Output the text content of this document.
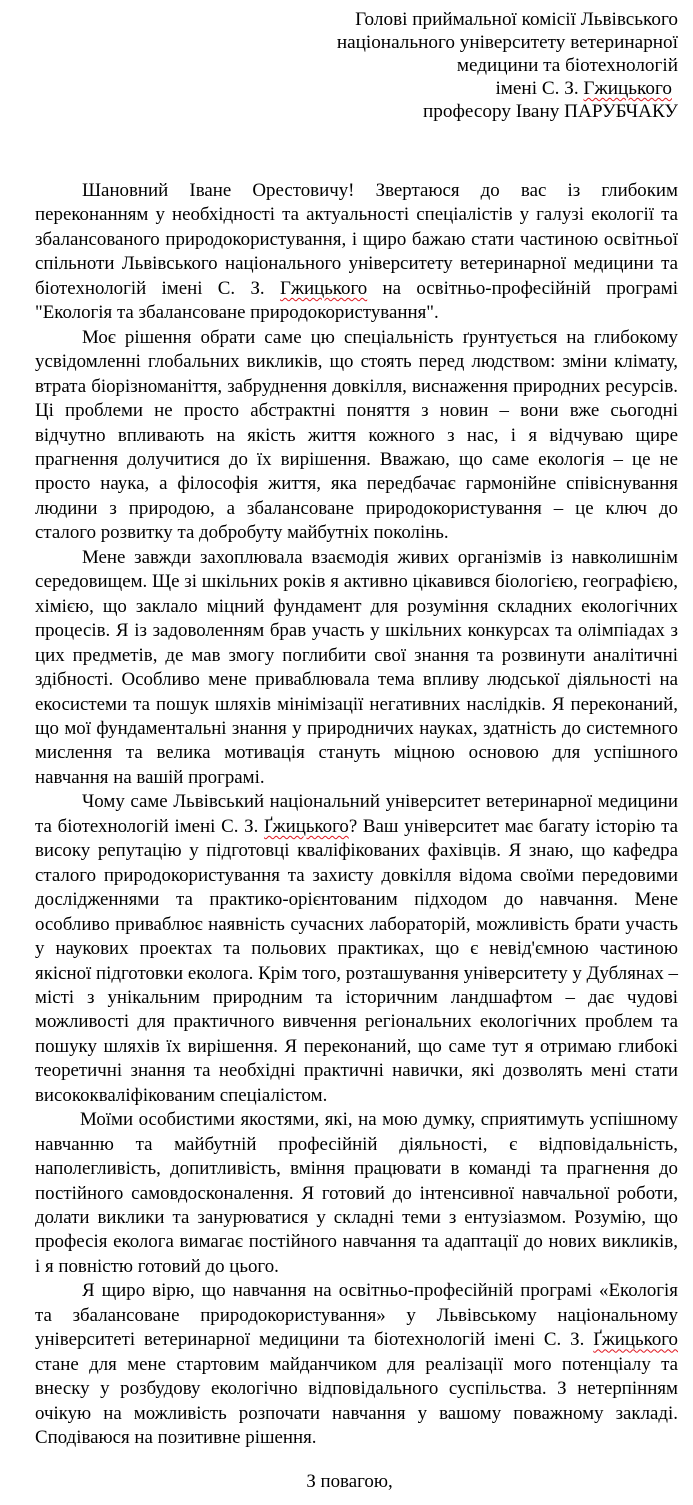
Голові приймальної комісії Львівського
національного університету ветеринарної
медицини та біотехнологій
імені С. З. Гжицького
професору Івану ПАРУБЧАКУ

Шановний Іване Орестовичу! Звертаюся до вас із глибоким переконанням у необхідності та актуальності спеціалістів у галузі екології та збалансованого природокористування, і щиро бажаю стати частиною освітньої спільноти Львівського національного університету ветеринарної медицини та біотехнологій імені С. З. Гжицького на освітньо-професійній програмі "Екологія та збалансоване природокористування".

Моє рішення обрати саме цю спеціальність ґрунтується на глибокому усвідомленні глобальних викликів, що стоять перед людством: зміни клімату, втрата біорізноманіття, забруднення довкілля, виснаження природних ресурсів. Ці проблеми не просто абстрактні поняття з новин – вони вже сьогодні відчутно впливають на якість життя кожного з нас, і я відчуваю щире прагнення долучитися до їх вирішення. Вважаю, що саме екологія – це не просто наука, а філософія життя, яка передбачає гармонійне співіснування людини з природою, а збалансоване природокористування – це ключ до сталого розвитку та добробуту майбутніх поколінь.

Мене завжди захоплювала взаємодія живих організмів із навколишнім середовищем. Ще зі шкільних років я активно цікавився біологією, географією, хімією, що заклало міцний фундамент для розуміння складних екологічних процесів. Я із задоволенням брав участь у шкільних конкурсах та олімпіадах з цих предметів, де мав змогу поглибити свої знання та розвинути аналітичні здібності. Особливо мене приваблювала тема впливу людської діяльності на екосистеми та пошук шляхів мінімізації негативних наслідків. Я переконаний, що мої фундаментальні знання у природничих науках, здатність до системного мислення та велика мотивація стануть міцною основою для успішного навчання на вашій програмі.

Чому саме Львівський національний університет ветеринарної медицини та біотехнологій імені С. З. Ґжицького? Ваш університет має багату історію та високу репутацію у підготовці кваліфікованих фахівців. Я знаю, що кафедра сталого природокористування та захисту довкілля відома своїми передовими дослідженнями та практико-орієнтованим підходом до навчання. Мене особливо приваблює наявність сучасних лабораторій, можливість брати участь у наукових проектах та польових практиках, що є невід'ємною частиною якісної підготовки еколога. Крім того, розташування університету у Дублянах – місті з унікальним природним та історичним ландшафтом – дає чудові можливості для практичного вивчення регіональних екологічних проблем та пошуку шляхів їх вирішення. Я переконаний, що саме тут я отримаю глибокі теоретичні знання та необхідні практичні навички, які дозволять мені стати висококваліфікованим спеціалістом.

Моїми особистими якостями, які, на мою думку, сприятимуть успішному навчанню та майбутній професійній діяльності, є відповідальність, наполегливість, допитливість, вміння працювати в команді та прагнення до постійного самовдосконалення. Я готовий до інтенсивної навчальної роботи, долати виклики та занурюватися у складні теми з ентузіазмом. Розумію, що професія еколога вимагає постійного навчання та адаптації до нових викликів, і я повністю готовий до цього.

Я щиро вірю, що навчання на освітньо-професійній програмі «Екологія та збалансоване природокористування» у Львівському національному університеті ветеринарної медицини та біотехнологій імені С. З. Ґжицького стане для мене стартовим майданчиком для реалізації мого потенціалу та внеску у розбудову екологічно відповідального суспільства. З нетерпінням очікую на можливість розпочати навчання у вашому поважному закладі. Сподіваюся на позитивне рішення.

З повагою,
